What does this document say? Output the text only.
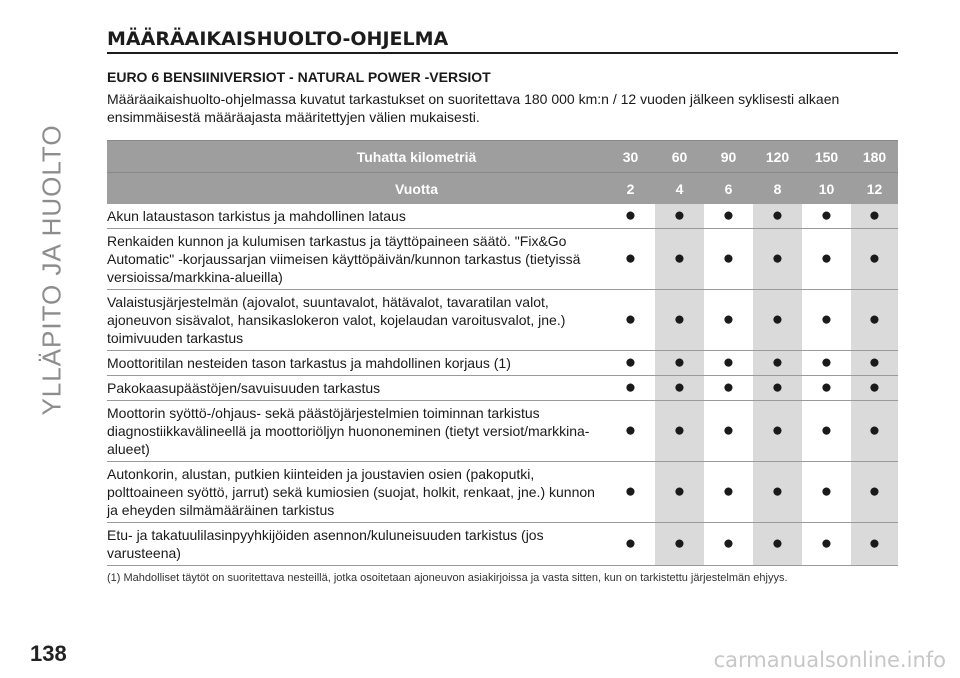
YLLÄPITO JA HUOLTO
MÄÄRÄAIKAISHUOLTO-OHJELMA
EURO 6 BENSIINIVERSIOT - NATURAL POWER -VERSIOT
Määräaikaishuolto-ohjelmassa kuvatut tarkastukset on suoritettava 180 000 km:n / 12 vuoden jälkeen syklisesti alkaen ensimmäisestä määräajasta määritettyjen välien mukaisesti.
Tuhatta kilometriä	30	60	90	120	150	180
Vuotta	2	4	6	8	10	12
Akun lataustason tarkistus ja mahdollinen lataus	●	●	●	●	●	●
Renkaiden kunnon ja kulumisen tarkastus ja täyttöpaineen säätö. "Fix&Go Automatic" -korjaussarjan viimeisen käyttöpäivän/kunnon tarkastus (tietyissä versioissa/markkina-alueilla)	●	●	●	●	●	●
Valaistusjärjestelmän (ajovalot, suuntavalot, hätävalot, tavaratilan valot, ajoneuvon sisävalot, hansikaslokeron valot, kojelaudan varoitusvalot, jne.) toimivuuden tarkastus	●	●	●	●	●	●
Moottoritilan nesteiden tason tarkastus ja mahdollinen korjaus (1)	●	●	●	●	●	●
Pakokaasupäästöjen/savuisuuden tarkastus	●	●	●	●	●	●
Moottorin syöttö-/ohjaus- sekä päästöjärjestelmien toiminnan tarkistus diagnostiikkavälineellä ja moottoriöljyn huononeminen (tietyt versiot/markkina-alueet)	●	●	●	●	●	●
Autonkorin, alustan, putkien kiinteiden ja joustavien osien (pakoputki, polttoaineen syöttö, jarrut) sekä kumiosien (suojat, holkit, renkaat, jne.) kunnon ja eheyden silmämääräinen tarkistus	●	●	●	●	●	●
Etu- ja takatuulilasinpyyhkijöiden asennon/kuluneisuuden tarkistus (jos varusteena)	●	●	●	●	●	●
(1) Mahdolliset täytöt on suoritettava nesteillä, jotka osoitetaan ajoneuvon asiakirjoissa ja vasta sitten, kun on tarkistettu järjestelmän ehjyys.
138	carmanualsonline.info
